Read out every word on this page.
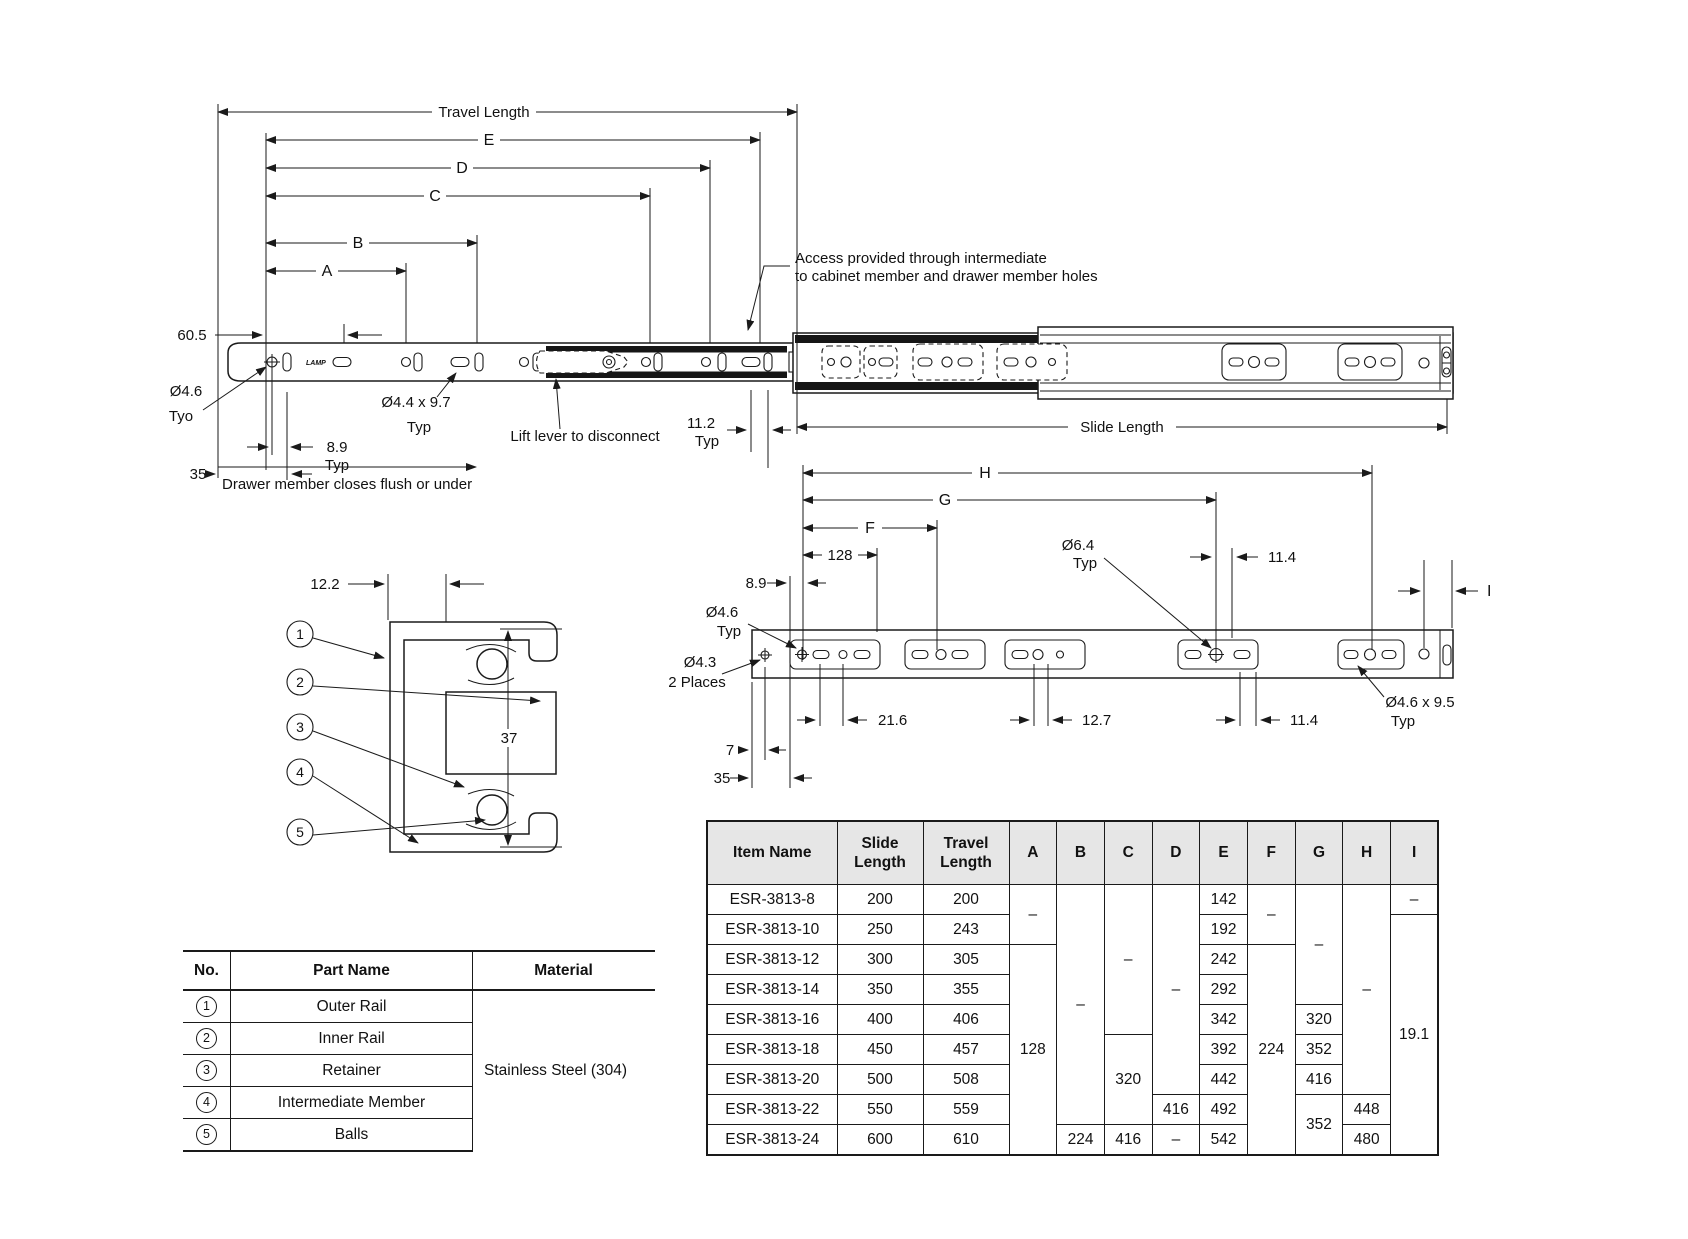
LAMP
Travel Length
E
D
C
B
A
60.5
8.9
Typ
35
Drawer member closes flush or under
Ø4.6
Tyo
Ø4.4 x 9.7
Typ
Lift lever to disconnect
11.2
Typ
Access provided through intermediate
to cabinet member and drawer member holes
Slide Length
H
G
F
128
8.9
Ø4.6
Typ
Ø4.3
2 Places
Ø6.4
Typ	11.4
21.6	12.7	11.4
Ø4.6 x 9.5
Typ
7
35
I
12.2
37
1
2
3
4
5
No.	Part Name	Material
1	Outer Rail	Stainless Steel (304)
2	Inner Rail	
3	Retainer	
4	Intermediate Member	
5	Balls	
Item Name	Slide Length	Travel Length	A	B	C	D	E	F	G	H	I
ESR-3813-8	200	200	–	–	–	–	142	–	–	–	–
ESR-3813-10	250	243					192				19.1
ESR-3813-12	300	305	128				242	224			
ESR-3813-14	350	355					292				
ESR-3813-16	400	406					342		320		
ESR-3813-18	450	457			320		392		352		
ESR-3813-20	500	508					442		416		
ESR-3813-22	550	559				416	492		352	448	
ESR-3813-24	600	610		224	416	–	542			480	
